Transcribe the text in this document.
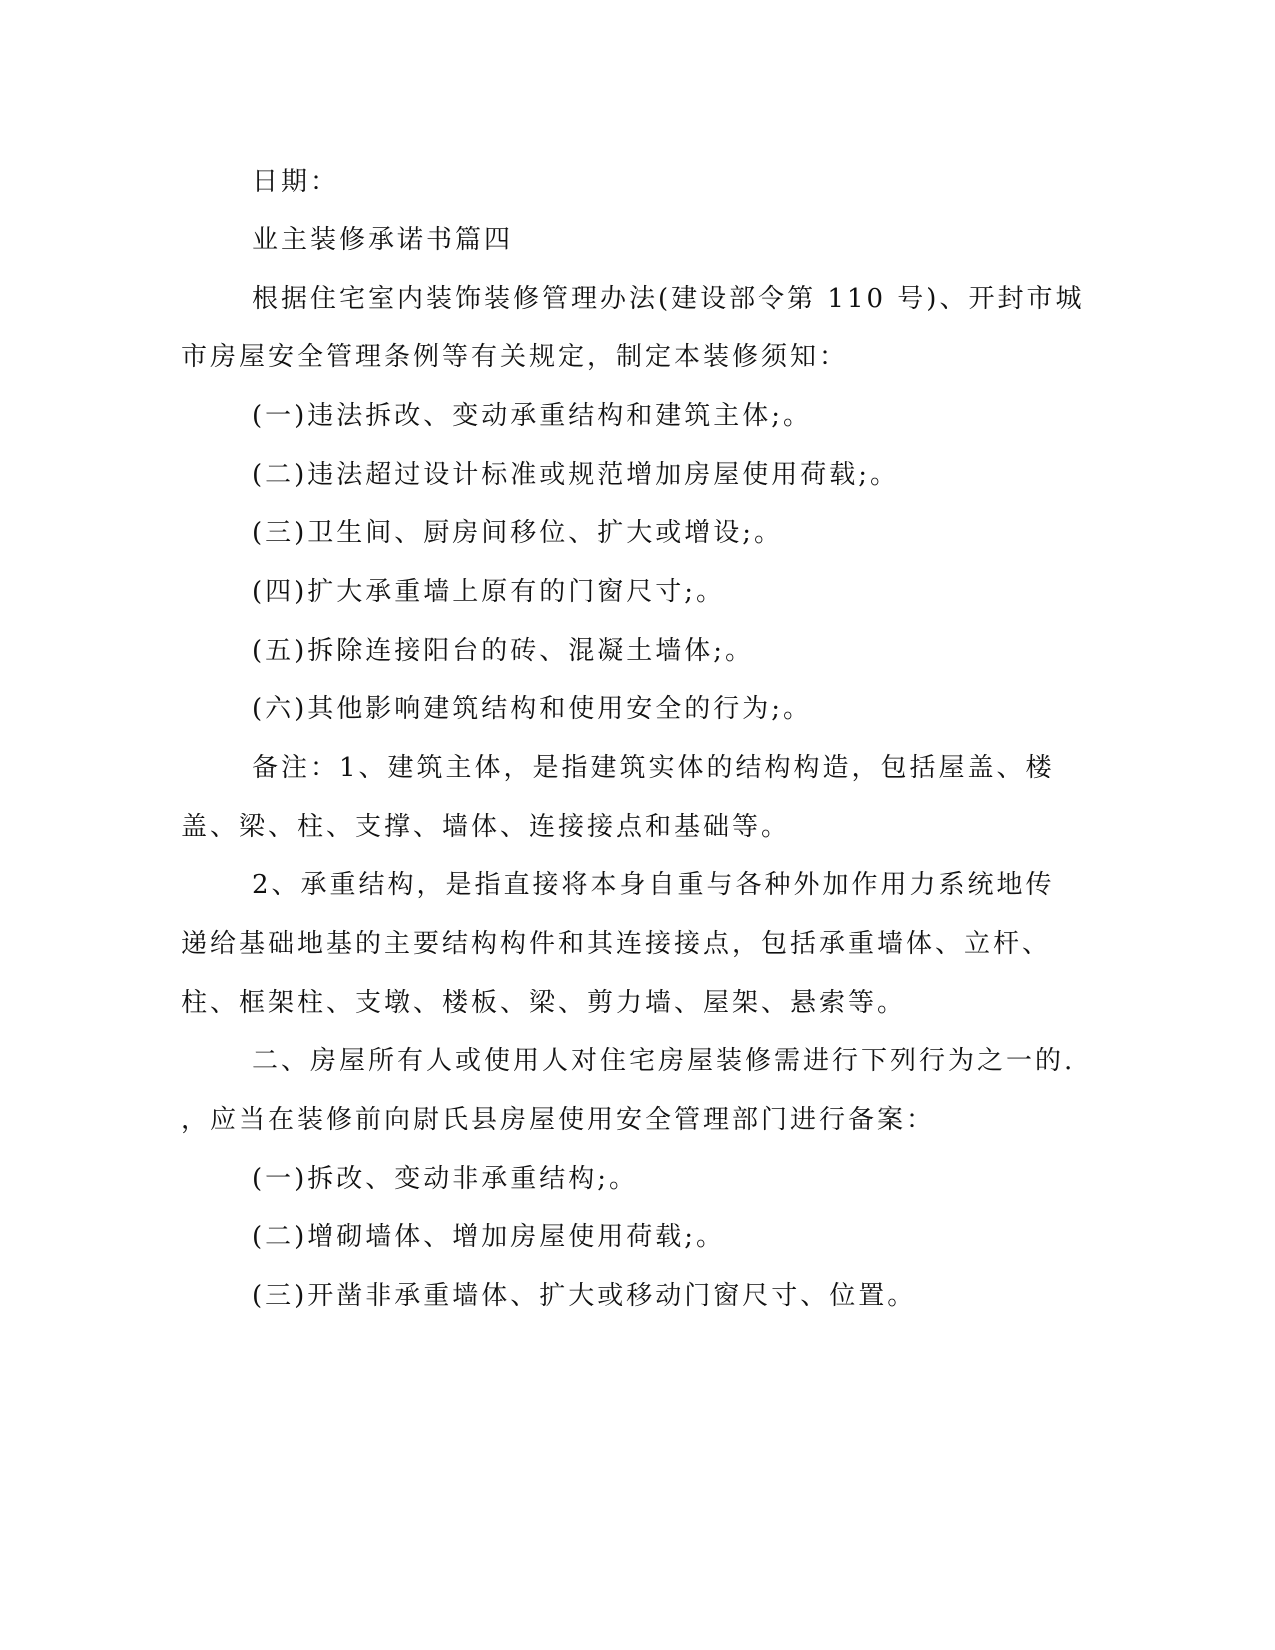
日期：
业主装修承诺书篇四
根据住宅室内装饰装修管理办法(建设部令第 110 号)、开封市城
市房屋安全管理条例等有关规定，制定本装修须知：
(一)违法拆改、变动承重结构和建筑主体;。
(二)违法超过设计标准或规范增加房屋使用荷载;。
(三)卫生间、厨房间移位、扩大或增设;。
(四)扩大承重墙上原有的门窗尺寸;。
(五)拆除连接阳台的砖、混凝土墙体;。
(六)其他影响建筑结构和使用安全的行为;。
备注：1、建筑主体，是指建筑实体的结构构造，包括屋盖、楼
盖、梁、柱、支撑、墙体、连接接点和基础等。
2、承重结构，是指直接将本身自重与各种外加作用力系统地传
递给基础地基的主要结构构件和其连接接点，包括承重墙体、立杆、
柱、框架柱、支墩、楼板、梁、剪力墙、屋架、悬索等。
二、房屋所有人或使用人对住宅房屋装修需进行下列行为之一的.
，应当在装修前向尉氏县房屋使用安全管理部门进行备案：
(一)拆改、变动非承重结构;。
(二)增砌墙体、增加房屋使用荷载;。
(三)开凿非承重墙体、扩大或移动门窗尺寸、位置。
